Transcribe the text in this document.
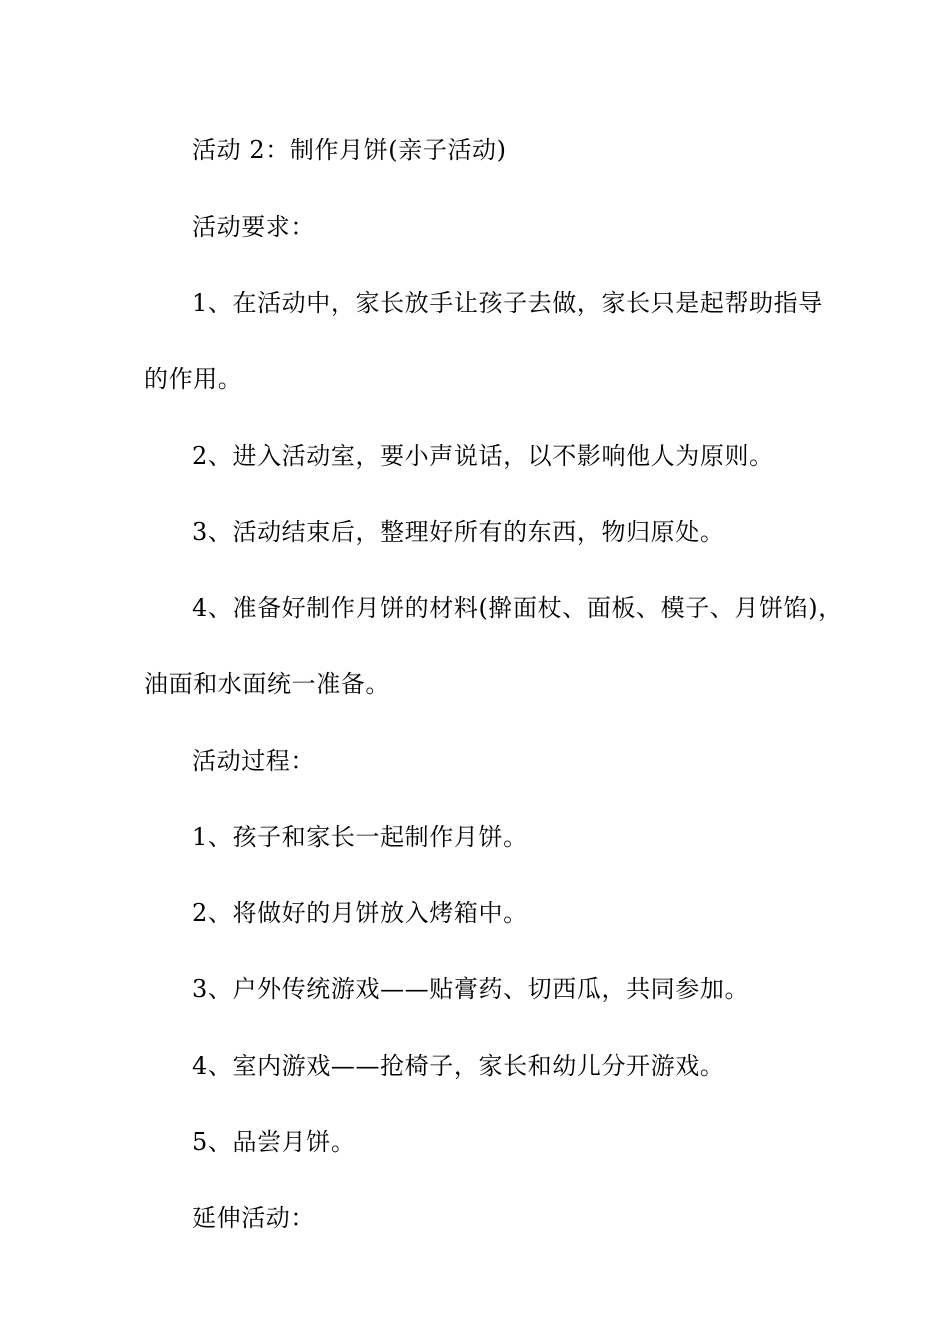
活动 2：制作月饼(亲子活动)
活动要求：
1、在活动中，家长放手让孩子去做，家长只是起帮助指导
的作用。
2、进入活动室，要小声说话，以不影响他人为原则。
3、活动结束后，整理好所有的东西，物归原处。
4、准备好制作月饼的材料(擀面杖、面板、模子、月饼馅)，
油面和水面统一准备。
活动过程：
1、孩子和家长一起制作月饼。
2、将做好的月饼放入烤箱中。
3、户外传统游戏——贴膏药、切西瓜，共同参加。
4、室内游戏——抢椅子，家长和幼儿分开游戏。
5、品尝月饼。
延伸活动：
